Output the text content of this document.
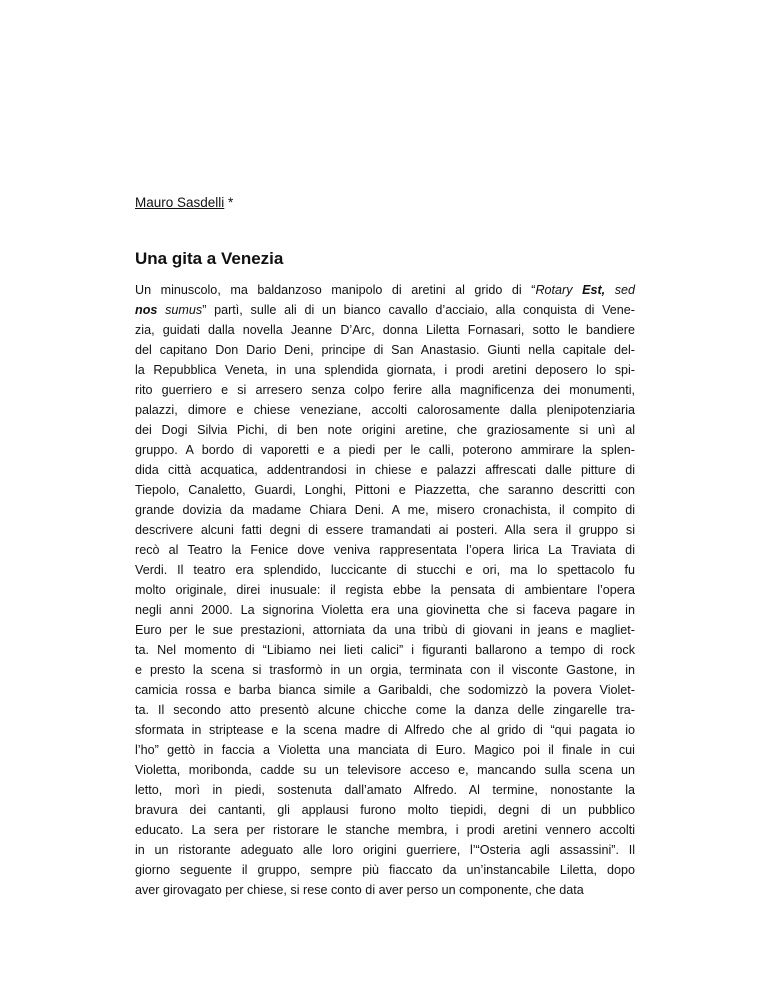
Mauro Sasdelli *
Una gita a Venezia
Un minuscolo, ma baldanzoso manipolo di aretini al grido di “Rotary Est, sed
nos sumus” partì, sulle ali di un bianco cavallo d’acciaio, alla conquista di Vene-
zia, guidati dalla novella Jeanne D’Arc, donna Liletta Fornasari, sotto le bandiere
del capitano Don Dario Deni, principe di San Anastasio. Giunti nella capitale del-
la Repubblica Veneta, in una splendida giornata, i prodi aretini deposero lo spi-
rito guerriero e si arresero senza colpo ferire alla magnificenza dei monumenti,
palazzi, dimore e chiese veneziane, accolti calorosamente dalla plenipotenziaria
dei Dogi Silvia Pichi, di ben note origini aretine, che graziosamente si unì al
gruppo. A bordo di vaporetti e a piedi per le calli, poterono ammirare la splen-
dida città acquatica, addentrandosi in chiese e palazzi affrescati dalle pitture di
Tiepolo, Canaletto, Guardi, Longhi, Pittoni e Piazzetta, che saranno descritti con
grande dovizia da madame Chiara Deni. A me, misero cronachista, il compito di
descrivere alcuni fatti degni di essere tramandati ai posteri. Alla sera il gruppo si
recò al Teatro la Fenice dove veniva rappresentata l’opera lirica La Traviata di
Verdi. Il teatro era splendido, luccicante di stucchi e ori, ma lo spettacolo fu
molto originale, direi inusuale: il regista ebbe la pensata di ambientare l’opera
negli anni 2000. La signorina Violetta era una giovinetta che si faceva pagare in
Euro per le sue prestazioni, attorniata da una tribù di giovani in jeans e magliet-
ta. Nel momento di “Libiamo nei lieti calici” i figuranti ballarono a tempo di rock
e presto la scena si trasformò in un orgia, terminata con il visconte Gastone, in
camicia rossa e barba bianca simile a Garibaldi, che sodomizzò la povera Violet-
ta. Il secondo atto presentò alcune chicche come la danza delle zingarelle tra-
sformata in striptease e la scena madre di Alfredo che al grido di “qui pagata io
l’ho” gettò in faccia a Violetta una manciata di Euro. Magico poi il finale in cui
Violetta, moribonda, cadde su un televisore acceso e, mancando sulla scena un
letto, morì in piedi, sostenuta dall’amato Alfredo. Al termine, nonostante la
bravura dei cantanti, gli applausi furono molto tiepidi, degni di un pubblico
educato. La sera per ristorare le stanche membra, i prodi aretini vennero accolti
in un ristorante adeguato alle loro origini guerriere, l’“Osteria agli assassini”. Il
giorno seguente il gruppo, sempre più fiaccato da un’instancabile Liletta, dopo
aver girovagato per chiese, si rese conto di aver perso un componente, che data
